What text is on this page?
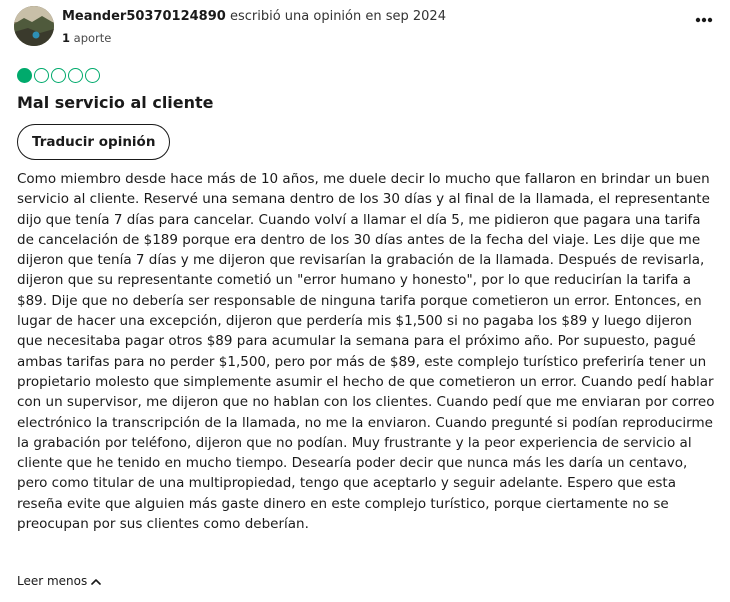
Meander50370124890 escribió una opinión en sep 2024
1 aporte
Mal servicio al cliente
Traducir opinión
Como miembro desde hace más de 10 años, me duele decir lo mucho que fallaron en brindar un buen servicio al cliente. Reservé una semana dentro de los 30 días y al final de la llamada, el representante dijo que tenía 7 días para cancelar. Cuando volví a llamar el día 5, me pidieron que pagara una tarifa de cancelación de $189 porque era dentro de los 30 días antes de la fecha del viaje. Les dije que me dijeron que tenía 7 días y me dijeron que revisarían la grabación de la llamada. Después de revisarla, dijeron que su representante cometió un "error humano y honesto", por lo que reducirían la tarifa a $89. Dije que no debería ser responsable de ninguna tarifa porque cometieron un error. Entonces, en lugar de hacer una excepción, dijeron que perdería mis $1,500 si no pagaba los $89 y luego dijeron que necesitaba pagar otros $89 para acumular la semana para el próximo año. Por supuesto, pagué ambas tarifas para no perder $1,500, pero por más de $89, este complejo turístico preferiría tener un propietario molesto que simplemente asumir el hecho de que cometieron un error. Cuando pedí hablar con un supervisor, me dijeron que no hablan con los clientes. Cuando pedí que me enviaran por correo electrónico la transcripción de la llamada, no me la enviaron. Cuando pregunté si podían reproducirme la grabación por teléfono, dijeron que no podían. Muy frustrante y la peor experiencia de servicio al cliente que he tenido en mucho tiempo. Desearía poder decir que nunca más les daría un centavo, pero como titular de una multipropiedad, tengo que aceptarlo y seguir adelante. Espero que esta reseña evite que alguien más gaste dinero en este complejo turístico, porque ciertamente no se preocupan por sus clientes como deberían.
Leer menos
